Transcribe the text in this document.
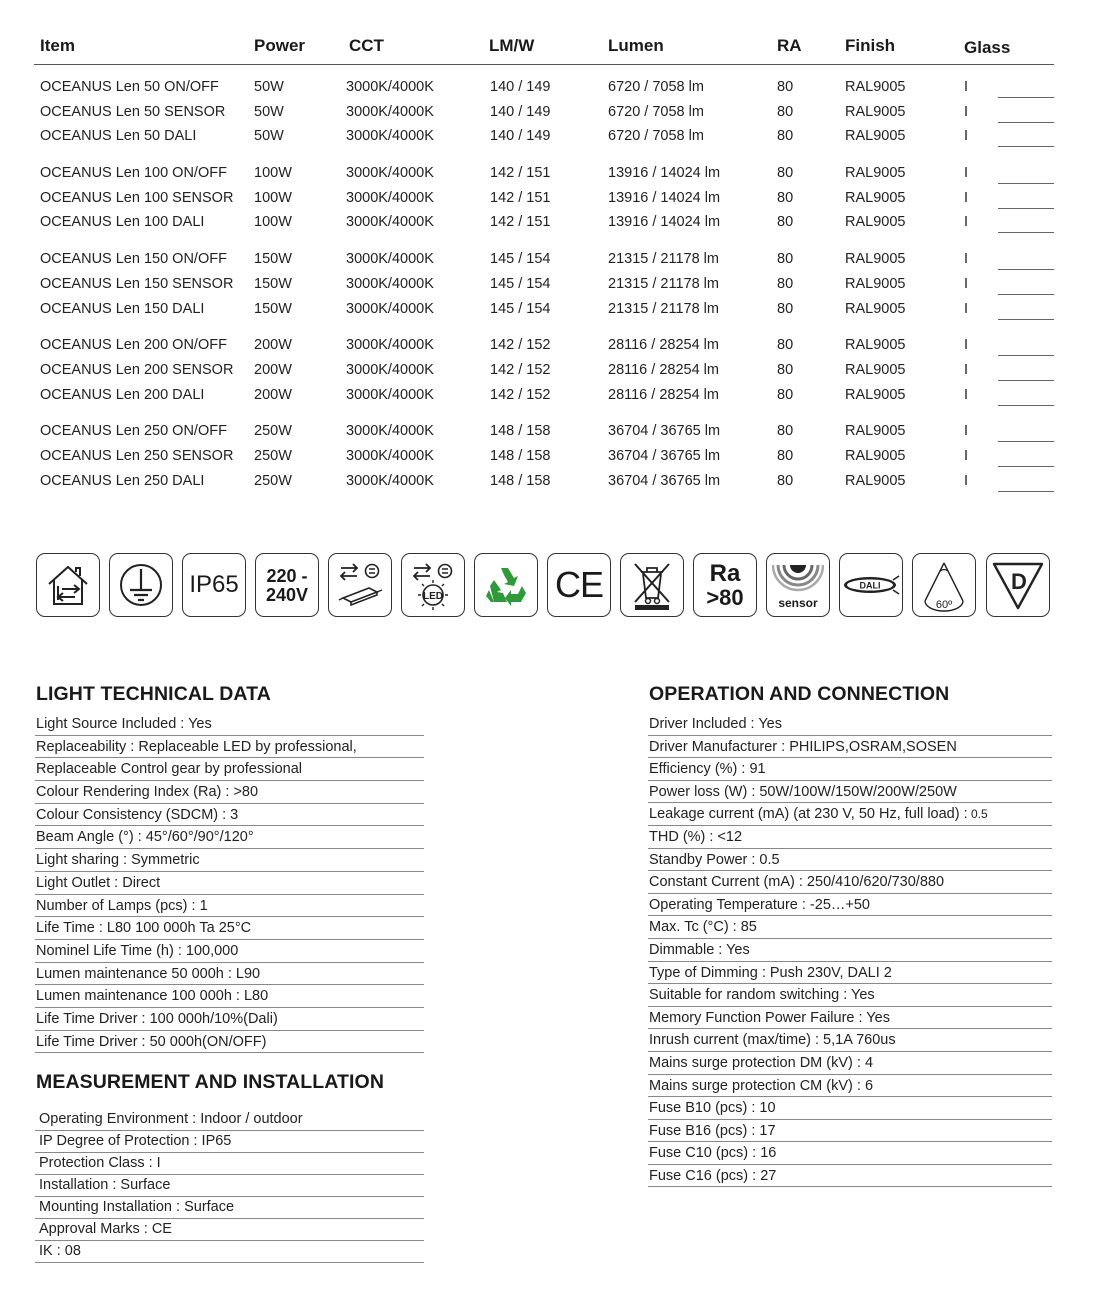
Item	Power	CCT	LM/W	Lumen	RA	Finish	Glass
OCEANUS Len 50 ON/OFF 50W	3000K/4000K	140 / 149	6720 / 7058 lm	80	RAL9005	I
OCEANUS Len 50 SENSOR 50W	3000K/4000K	140 / 149	6720 / 7058 lm	80	RAL9005	I
OCEANUS Len 50 DALI	50W	3000K/4000K	140 / 149	6720 / 7058 lm	80	RAL9005	I
OCEANUS Len 100 ON/OFF 100W	3000K/4000K	142 / 151	13916 / 14024 lm	80	RAL9005	I
OCEANUS Len 100 SENSOR 100W	3000K/4000K	142 / 151	13916 / 14024 lm	80	RAL9005	I
OCEANUS Len 100 DALI	100W	3000K/4000K	142 / 151	13916 / 14024 lm	80	RAL9005	I
OCEANUS Len 150 ON/OFF 150W	3000K/4000K	145 / 154	21315 / 21178 lm	80	RAL9005	I
OCEANUS Len 150 SENSOR 150W	3000K/4000K	145 / 154	21315 / 21178 lm	80	RAL9005	I
OCEANUS Len 150 DALI	150W	3000K/4000K	145 / 154	21315 / 21178 lm	80	RAL9005	I
OCEANUS Len 200 ON/OFF 200W	3000K/4000K	142 / 152	28116 / 28254 lm	80	RAL9005	I
OCEANUS Len 200 SENSOR 200W	3000K/4000K	142 / 152	28116 / 28254 lm	80	RAL9005	I
OCEANUS Len 200 DALI	200W	3000K/4000K	142 / 152	28116 / 28254 lm	80	RAL9005	I
OCEANUS Len 250 ON/OFF 250W	3000K/4000K	148 / 158	36704 / 36765 lm	80	RAL9005	I
OCEANUS Len 250 SENSOR 250W	3000K/4000K	148 / 158	36704 / 36765 lm	80	RAL9005	I
OCEANUS Len 250 DALI	250W	3000K/4000K	148 / 158	36704 / 36765 lm	80	RAL9005	I
IP65 220 -
240V	LED	CE	Ra
>80	sensor
DALI
60º
D
LIGHT TECHNICAL DATA
Light Source Included : Yes
Replaceability : Replaceable LED by professional,
Replaceable Control gear by professional
Colour Rendering Index (Ra) : >80
Colour Consistency (SDCM) : 3
Beam Angle (°) : 45°/60°/90°/120°
Light sharing : Symmetric
Light Outlet : Direct
Number of Lamps (pcs) : 1
Life Time : L80 100 000h Ta 25°C
Nominel Life Time (h) : 100,000
Lumen maintenance 50 000h : L90
Lumen maintenance 100 000h : L80
Life Time Driver : 100 000h/10%(Dali)
Life Time Driver : 50 000h(ON/OFF)
MEASUREMENT AND INSTALLATION
Operating Environment : Indoor / outdoor
IP Degree of Protection : IP65
Protection Class : I
Installation : Surface
Mounting Installation : Surface
Approval Marks : CE
IK : 08
OPERATION AND CONNECTION
Driver Included : Yes
Driver Manufacturer : PHILIPS,OSRAM,SOSEN
Efficiency (%) : 91
Power loss (W) : 50W/100W/150W/200W/250W
Leakage current (mA) (at 230 V, 50 Hz, full load) : 0.5
THD (%) : <12
Standby Power : 0.5
Constant Current (mA) : 250/410/620/730/880
Operating Temperature : -25…+50
Max. Tc (°C) : 85
Dimmable : Yes
Type of Dimming : Push 230V, DALI 2
Suitable for random switching : Yes
Memory Function Power Failure : Yes
Inrush current (max/time) : 5,1A 760us
Mains surge protection DM (kV) : 4
Mains surge protection CM (kV) : 6
Fuse B10 (pcs) : 10
Fuse B16 (pcs) : 17
Fuse C10 (pcs) : 16
Fuse C16 (pcs) : 27
